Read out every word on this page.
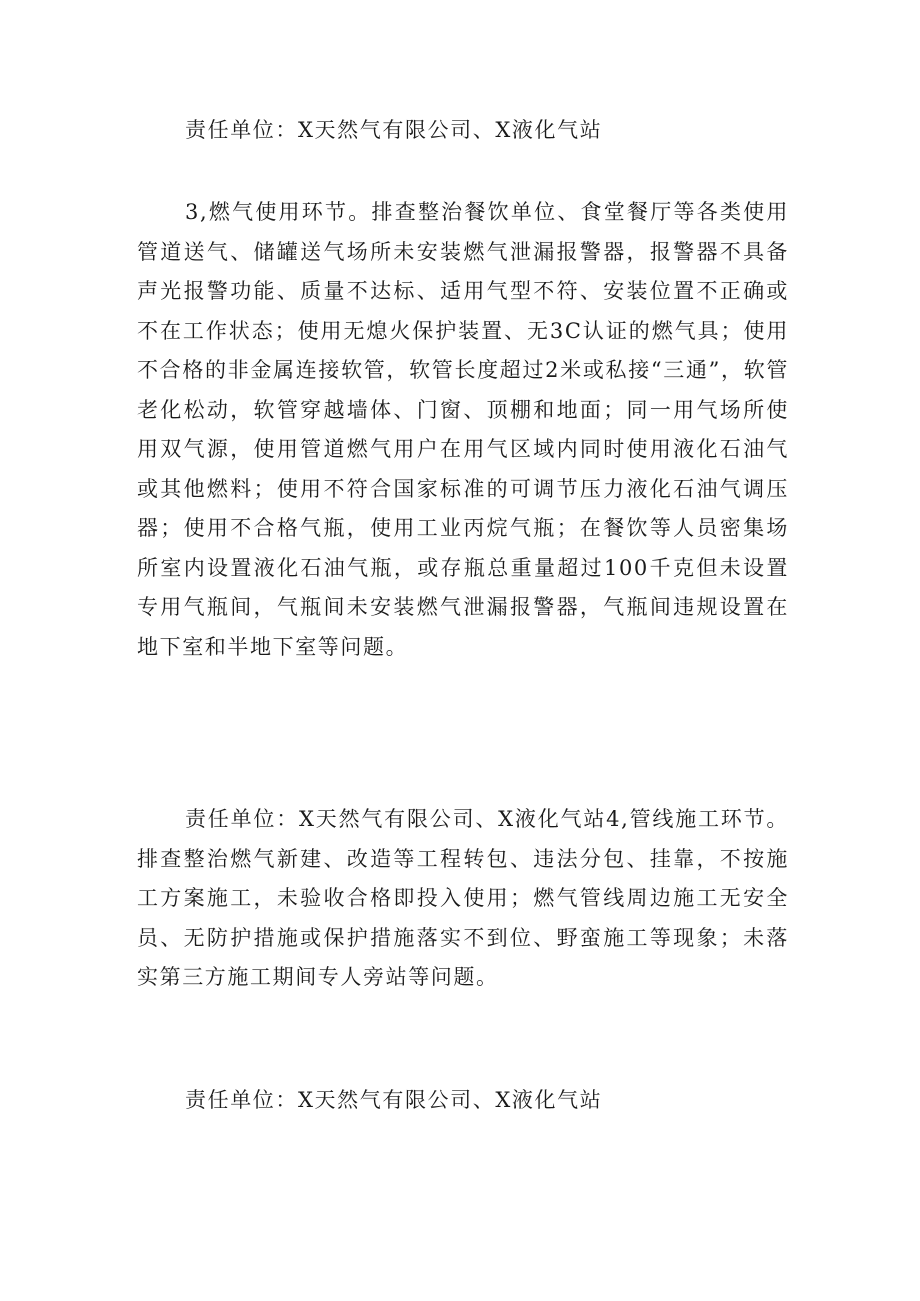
责任单位：X天然气有限公司、X液化气站

3,燃气使用环节。排查整治餐饮单位、食堂餐厅等各类使用管道送气、储罐送气场所未安装燃气泄漏报警器，报警器不具备声光报警功能、质量不达标、适用气型不符、安装位置不正确或不在工作状态；使用无熄火保护装置、无3C认证的燃气具；使用不合格的非金属连接软管，软管长度超过2米或私接“三通”，软管老化松动，软管穿越墙体、门窗、顶棚和地面；同一用气场所使用双气源，使用管道燃气用户在用气区域内同时使用液化石油气或其他燃料；使用不符合国家标准的可调节压力液化石油气调压器；使用不合格气瓶，使用工业丙烷气瓶；在餐饮等人员密集场所室内设置液化石油气瓶，或存瓶总重量超过100千克但未设置专用气瓶间，气瓶间未安装燃气泄漏报警器，气瓶间违规设置在地下室和半地下室等问题。

责任单位：X天然气有限公司、X液化气站4,管线施工环节。排查整治燃气新建、改造等工程转包、违法分包、挂靠，不按施工方案施工，未验收合格即投入使用；燃气管线周边施工无安全员、无防护措施或保护措施落实不到位、野蛮施工等现象；未落实第三方施工期间专人旁站等问题。

责任单位：X天然气有限公司、X液化气站
